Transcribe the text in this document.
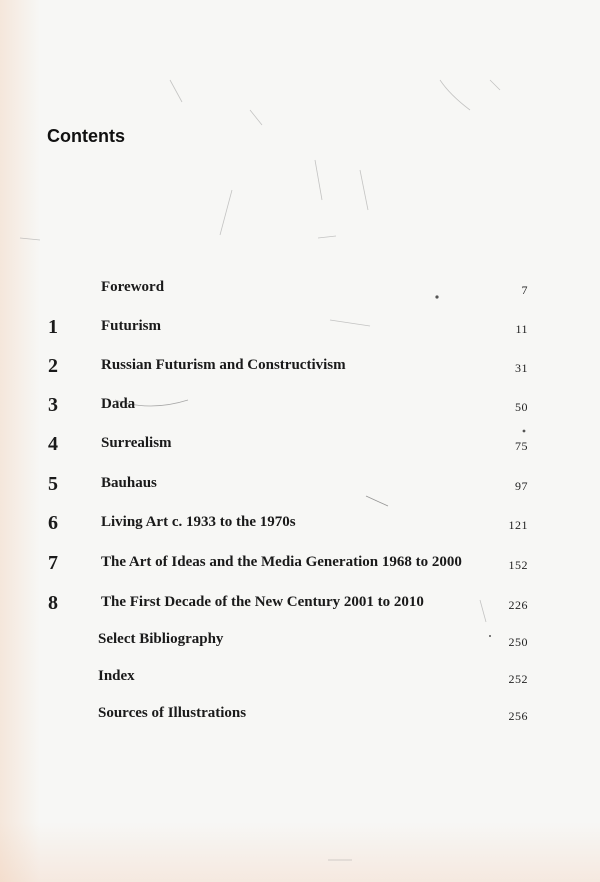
Contents
Foreword	7
1	Futurism	11
2	Russian Futurism and Constructivism	31
3	Dada	50
4	Surrealism	75
5	Bauhaus	97
6	Living Art c. 1933 to the 1970s	121
7	The Art of Ideas and the Media Generation 1968 to 2000	152
8	The First Decade of the New Century 2001 to 2010	226
Select Bibliography	250
Index	252
Sources of Illustrations	256
